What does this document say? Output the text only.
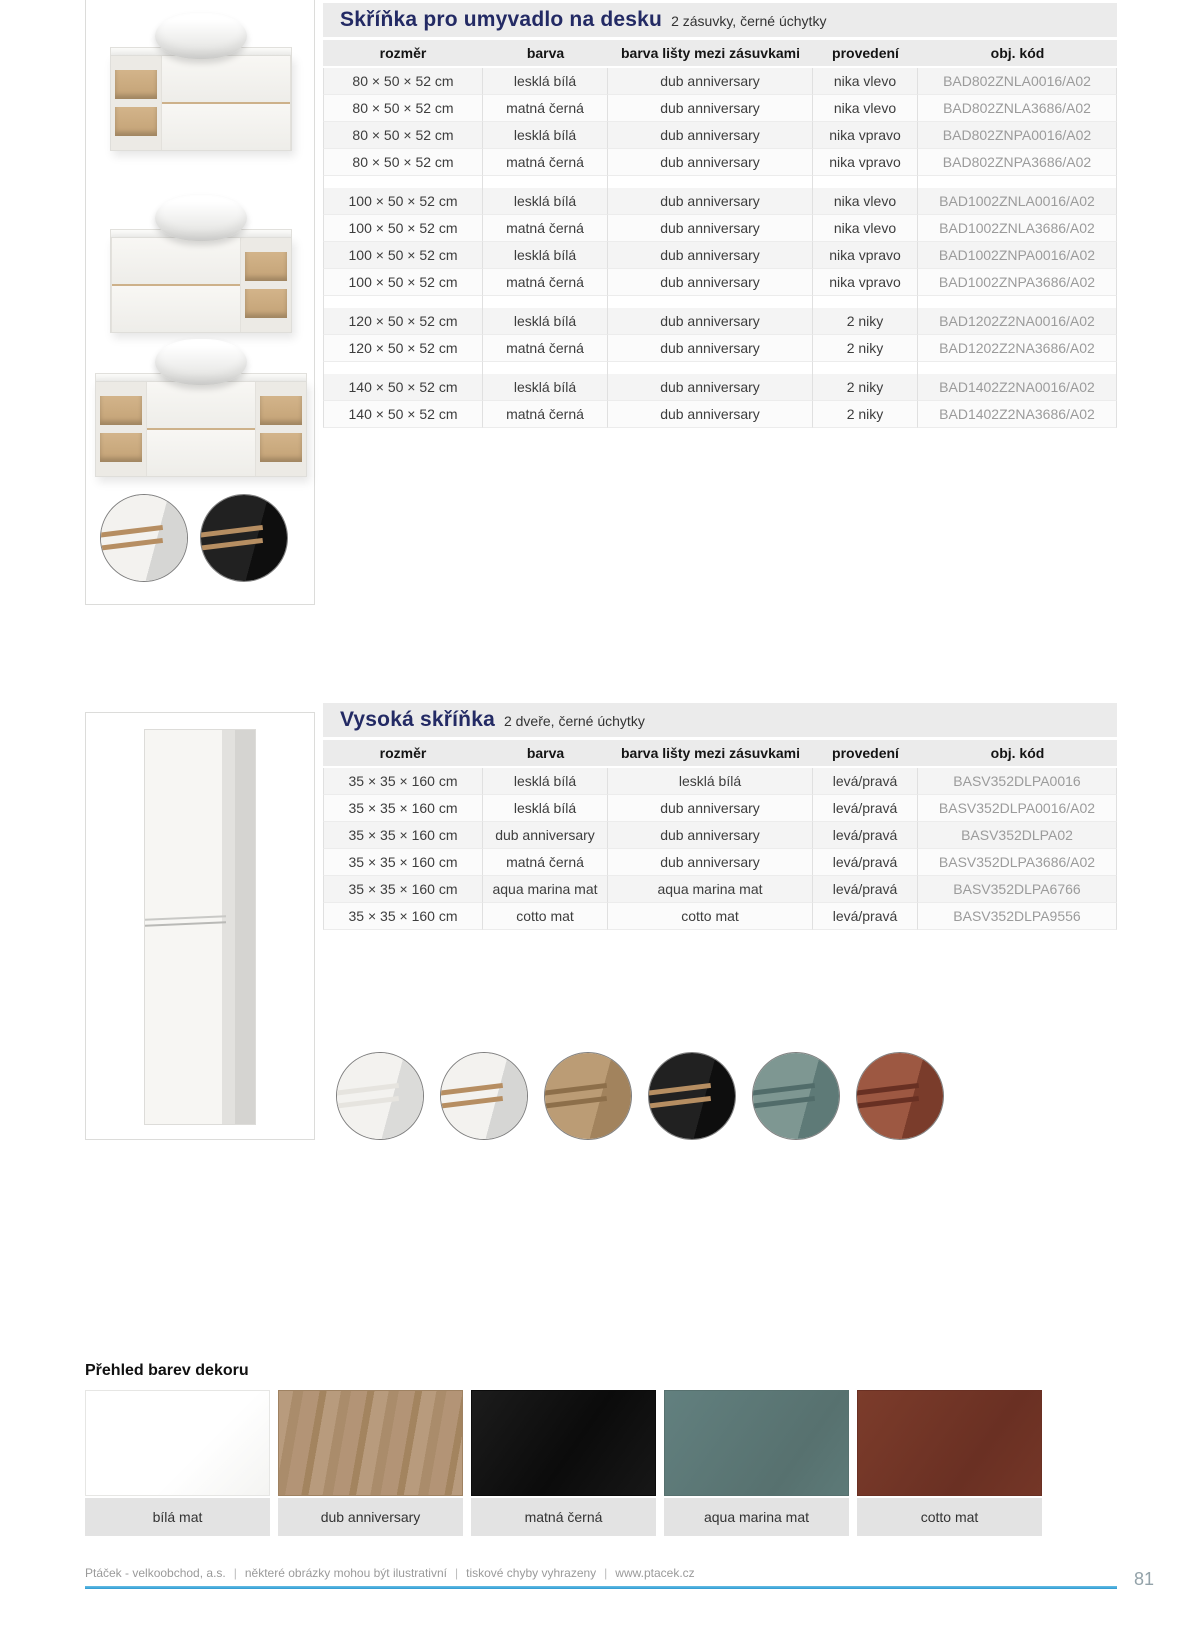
Skříňka pro umyvadlo na desku 2 zásuvky, černé úchytky
rozměr	barva	barva lišty mezi zásuvkami	provedení	obj. kód
80 × 50 × 52 cm	lesklá bílá	dub anniversary	nika vlevo	BAD802ZNLA0016/A02
80 × 50 × 52 cm	matná černá	dub anniversary	nika vlevo	BAD802ZNLA3686/A02
80 × 50 × 52 cm	lesklá bílá	dub anniversary	nika vpravo	BAD802ZNPA0016/A02
80 × 50 × 52 cm	matná černá	dub anniversary	nika vpravo	BAD802ZNPA3686/A02
100 × 50 × 52 cm	lesklá bílá	dub anniversary	nika vlevo	BAD1002ZNLA0016/A02
100 × 50 × 52 cm	matná černá	dub anniversary	nika vlevo	BAD1002ZNLA3686/A02
100 × 50 × 52 cm	lesklá bílá	dub anniversary	nika vpravo	BAD1002ZNPA0016/A02
100 × 50 × 52 cm	matná černá	dub anniversary	nika vpravo	BAD1002ZNPA3686/A02
120 × 50 × 52 cm	lesklá bílá	dub anniversary	2 niky	BAD1202Z2NA0016/A02
120 × 50 × 52 cm	matná černá	dub anniversary	2 niky	BAD1202Z2NA3686/A02
140 × 50 × 52 cm	lesklá bílá	dub anniversary	2 niky	BAD1402Z2NA0016/A02
140 × 50 × 52 cm	matná černá	dub anniversary	2 niky	BAD1402Z2NA3686/A02
Vysoká skříňka 2 dveře, černé úchytky
rozměr	barva	barva lišty mezi zásuvkami	provedení	obj. kód
35 × 35 × 160 cm	lesklá bílá	lesklá bílá	levá/pravá	BASV352DLPA0016
35 × 35 × 160 cm	lesklá bílá	dub anniversary	levá/pravá	BASV352DLPA0016/A02
35 × 35 × 160 cm	dub anniversary	dub anniversary	levá/pravá	BASV352DLPA02
35 × 35 × 160 cm	matná černá	dub anniversary	levá/pravá	BASV352DLPA3686/A02
35 × 35 × 160 cm	aqua marina mat	aqua marina mat	levá/pravá	BASV352DLPA6766
35 × 35 × 160 cm	cotto mat	cotto mat	levá/pravá	BASV352DLPA9556
Přehled barev dekoru
bílá mat	dub anniversary	matná černá	aqua marina mat	cotto mat
Ptáček - velkoobchod, a.s. | některé obrázky mohou být ilustrativní | tiskové chyby vyhrazeny | www.ptacek.cz	81
